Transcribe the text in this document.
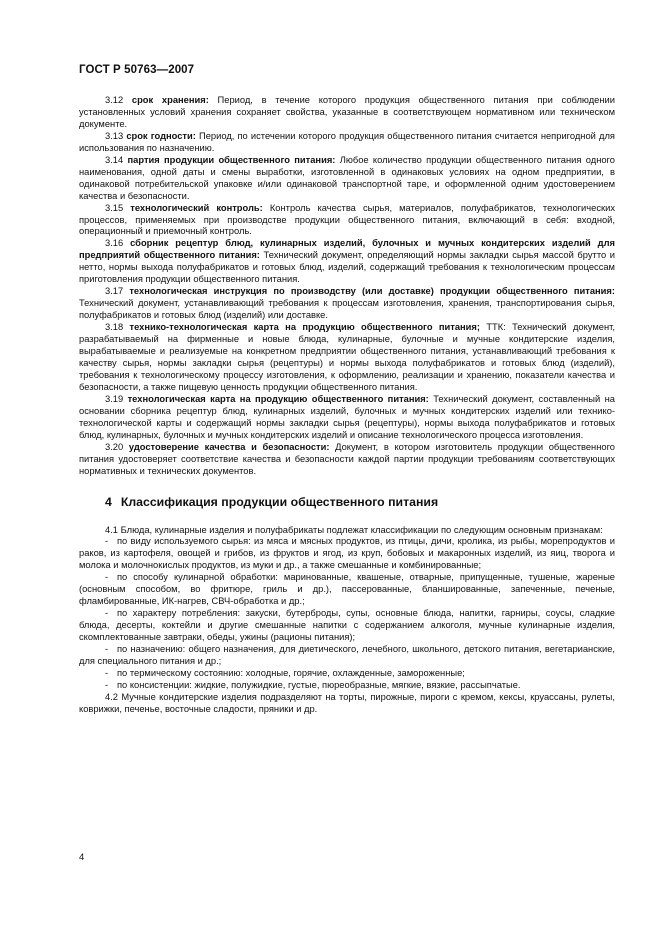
ГОСТ Р 50763—2007

3.12 срок хранения: Период, в течение которого продукция общественного питания при соблюдении установленных условий хранения сохраняет свойства, указанные в соответствующем нормативном или техническом документе.

3.13 срок годности: Период, по истечении которого продукция общественного питания считается непригодной для использования по назначению.

3.14 партия продукции общественного питания: Любое количество продукции общественного питания одного наименования, одной даты и смены выработки, изготовленной в одинаковых условиях на одном предприятии, в одинаковой потребительской упаковке и/или одинаковой транспортной таре, и оформленной одним удостоверением качества и безопасности.

3.15 технологический контроль: Контроль качества сырья, материалов, полуфабрикатов, технологических процессов, применяемых при производстве продукции общественного питания, включающий в себя: входной, операционный и приемочный контроль.

3.16 сборник рецептур блюд, кулинарных изделий, булочных и мучных кондитерских изделий для предприятий общественного питания: Технический документ, определяющий нормы закладки сырья массой брутто и нетто, нормы выхода полуфабрикатов и готовых блюд, изделий, содержащий требования к технологическим процессам приготовления продукции общественного питания.

3.17 технологическая инструкция по производству (или доставке) продукции общественного питания: Технический документ, устанавливающий требования к процессам изготовления, хранения, транспортирования сырья, полуфабрикатов и готовых блюд (изделий) или доставке.

3.18 технико-технологическая карта на продукцию общественного питания; ТТК: Технический документ, разрабатываемый на фирменные и новые блюда, кулинарные, булочные и мучные кондитерские изделия, вырабатываемые и реализуемые на конкретном предприятии общественного питания, устанавливающий требования к качеству сырья, нормы закладки сырья (рецептуры) и нормы выхода полуфабрикатов и готовых блюд (изделий), требования к технологическому процессу изготовления, к оформлению, реализации и хранению, показатели качества и безопасности, а также пищевую ценность продукции общественного питания.

3.19 технологическая карта на продукцию общественного питания: Технический документ, составленный на основании сборника рецептур блюд, кулинарных изделий, булочных и мучных кондитерских изделий или технико-технологической карты и содержащий нормы закладки сырья (рецептуры), нормы выхода полуфабрикатов и готовых блюд, кулинарных, булочных и мучных кондитерских изделий и описание технологического процесса изготовления.

3.20 удостоверение качества и безопасности: Документ, в котором изготовитель продукции общественного питания удостоверяет соответствие качества и безопасности каждой партии продукции требованиям соответствующих нормативных и технических документов.

4 Классификация продукции общественного питания

4.1 Блюда, кулинарные изделия и полуфабрикаты подлежат классификации по следующим основным признакам:

- по виду используемого сырья: из мяса и мясных продуктов, из птицы, дичи, кролика, из рыбы, морепродуктов и раков, из картофеля, овощей и грибов, из фруктов и ягод, из круп, бобовых и макаронных изделий, из яиц, творога и молока и молочнокислых продуктов, из муки и др., а также смешанные и комбинированные;

- по способу кулинарной обработки: маринованные, квашеные, отварные, припущенные, тушеные, жареные (основным способом, во фритюре, гриль и др.), пассерованные, бланшированные, запеченные, печеные, фламбированные, ИК-нагрев, СВЧ-обработка и др.;

- по характеру потребления: закуски, бутерброды, супы, основные блюда, напитки, гарниры, соусы, сладкие блюда, десерты, коктейли и другие смешанные напитки с содержанием алкоголя, мучные кулинарные изделия, скомплектованные завтраки, обеды, ужины (рационы питания);

- по назначению: общего назначения, для диетического, лечебного, школьного, детского питания, вегетарианские, для специального питания и др.;

- по термическому состоянию: холодные, горячие, охлажденные, замороженные;

- по консистенции: жидкие, полужидкие, густые, пюреобразные, мягкие, вязкие, рассыпчатые.

4.2 Мучные кондитерские изделия подразделяют на торты, пирожные, пироги с кремом, кексы, круассаны, рулеты, коврижки, печенье, восточные сладости, пряники и др.

4
